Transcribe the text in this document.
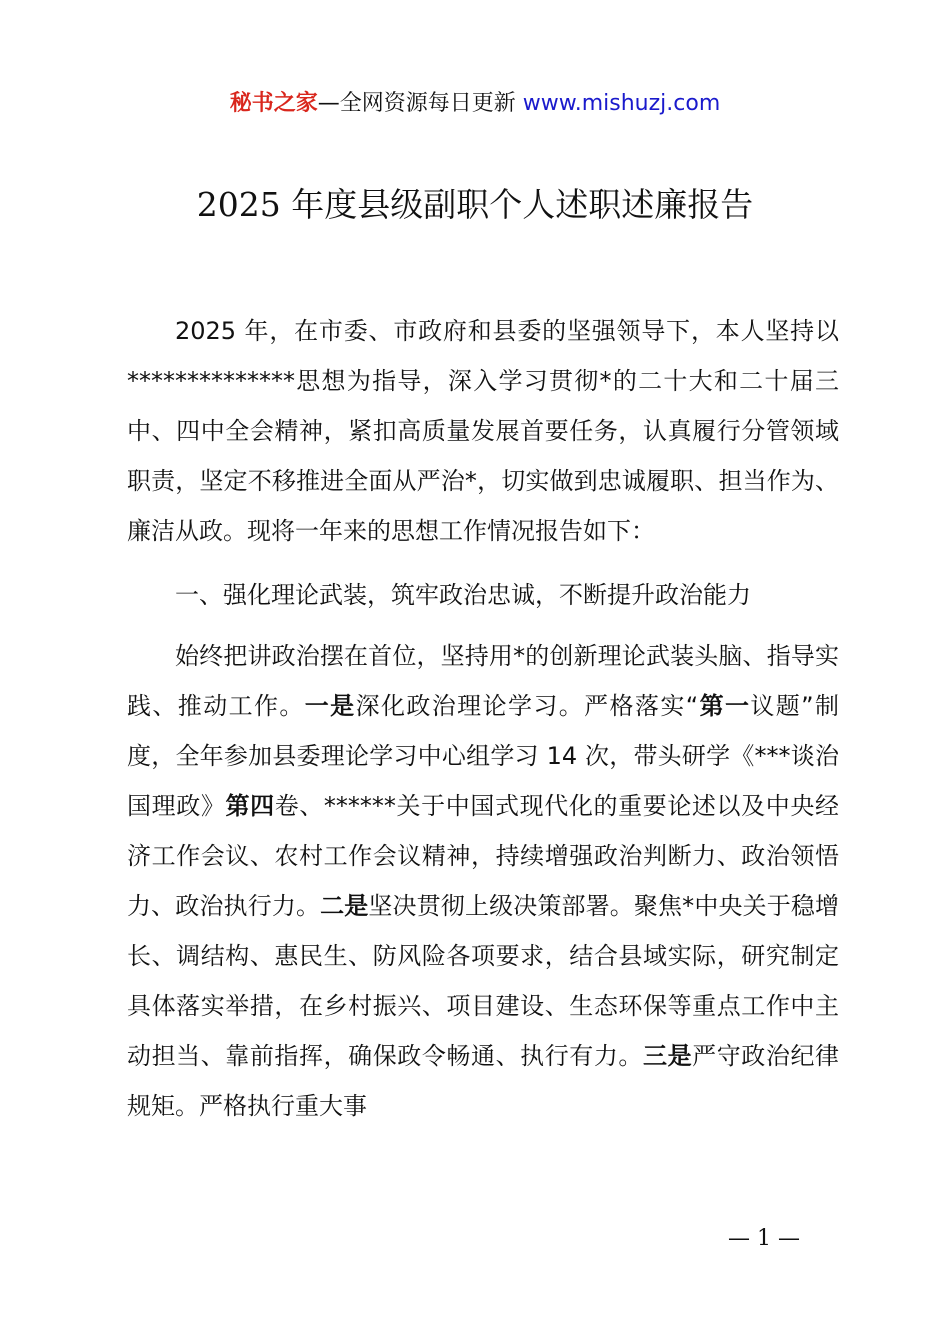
秘书之家—全网资源每日更新 www.mishuzj.com
2025 年度县级副职个人述职述廉报告

2025 年，在市委、市政府和县委的坚强领导下，本人坚持以**************思想为指导，深入学习贯彻*的二十大和二十届三中、四中全会精神，紧扣高质量发展首要任务，认真履行分管领域职责，坚定不移推进全面从严治*，切实做到忠诚履职、担当作为、廉洁从政。现将一年来的思想工作情况报告如下：

一、强化理论武装，筑牢政治忠诚，不断提升政治能力

始终把讲政治摆在首位，坚持用*的创新理论武装头脑、指导实践、推动工作。一是深化政治理论学习。严格落实“第一议题”制度，全年参加县委理论学习中心组学习 14 次，带头研学《***谈治国理政》第四卷、******关于中国式现代化的重要论述以及中央经济工作会议、农村工作会议精神，持续增强政治判断力、政治领悟力、政治执行力。二是坚决贯彻上级决策部署。聚焦*中央关于稳增长、调结构、惠民生、防风险各项要求，结合县域实际，研究制定具体落实举措，在乡村振兴、项目建设、生态环保等重点工作中主动担当、靠前指挥，确保政令畅通、执行有力。三是严守政治纪律规矩。严格执行重大事

— 1 —
